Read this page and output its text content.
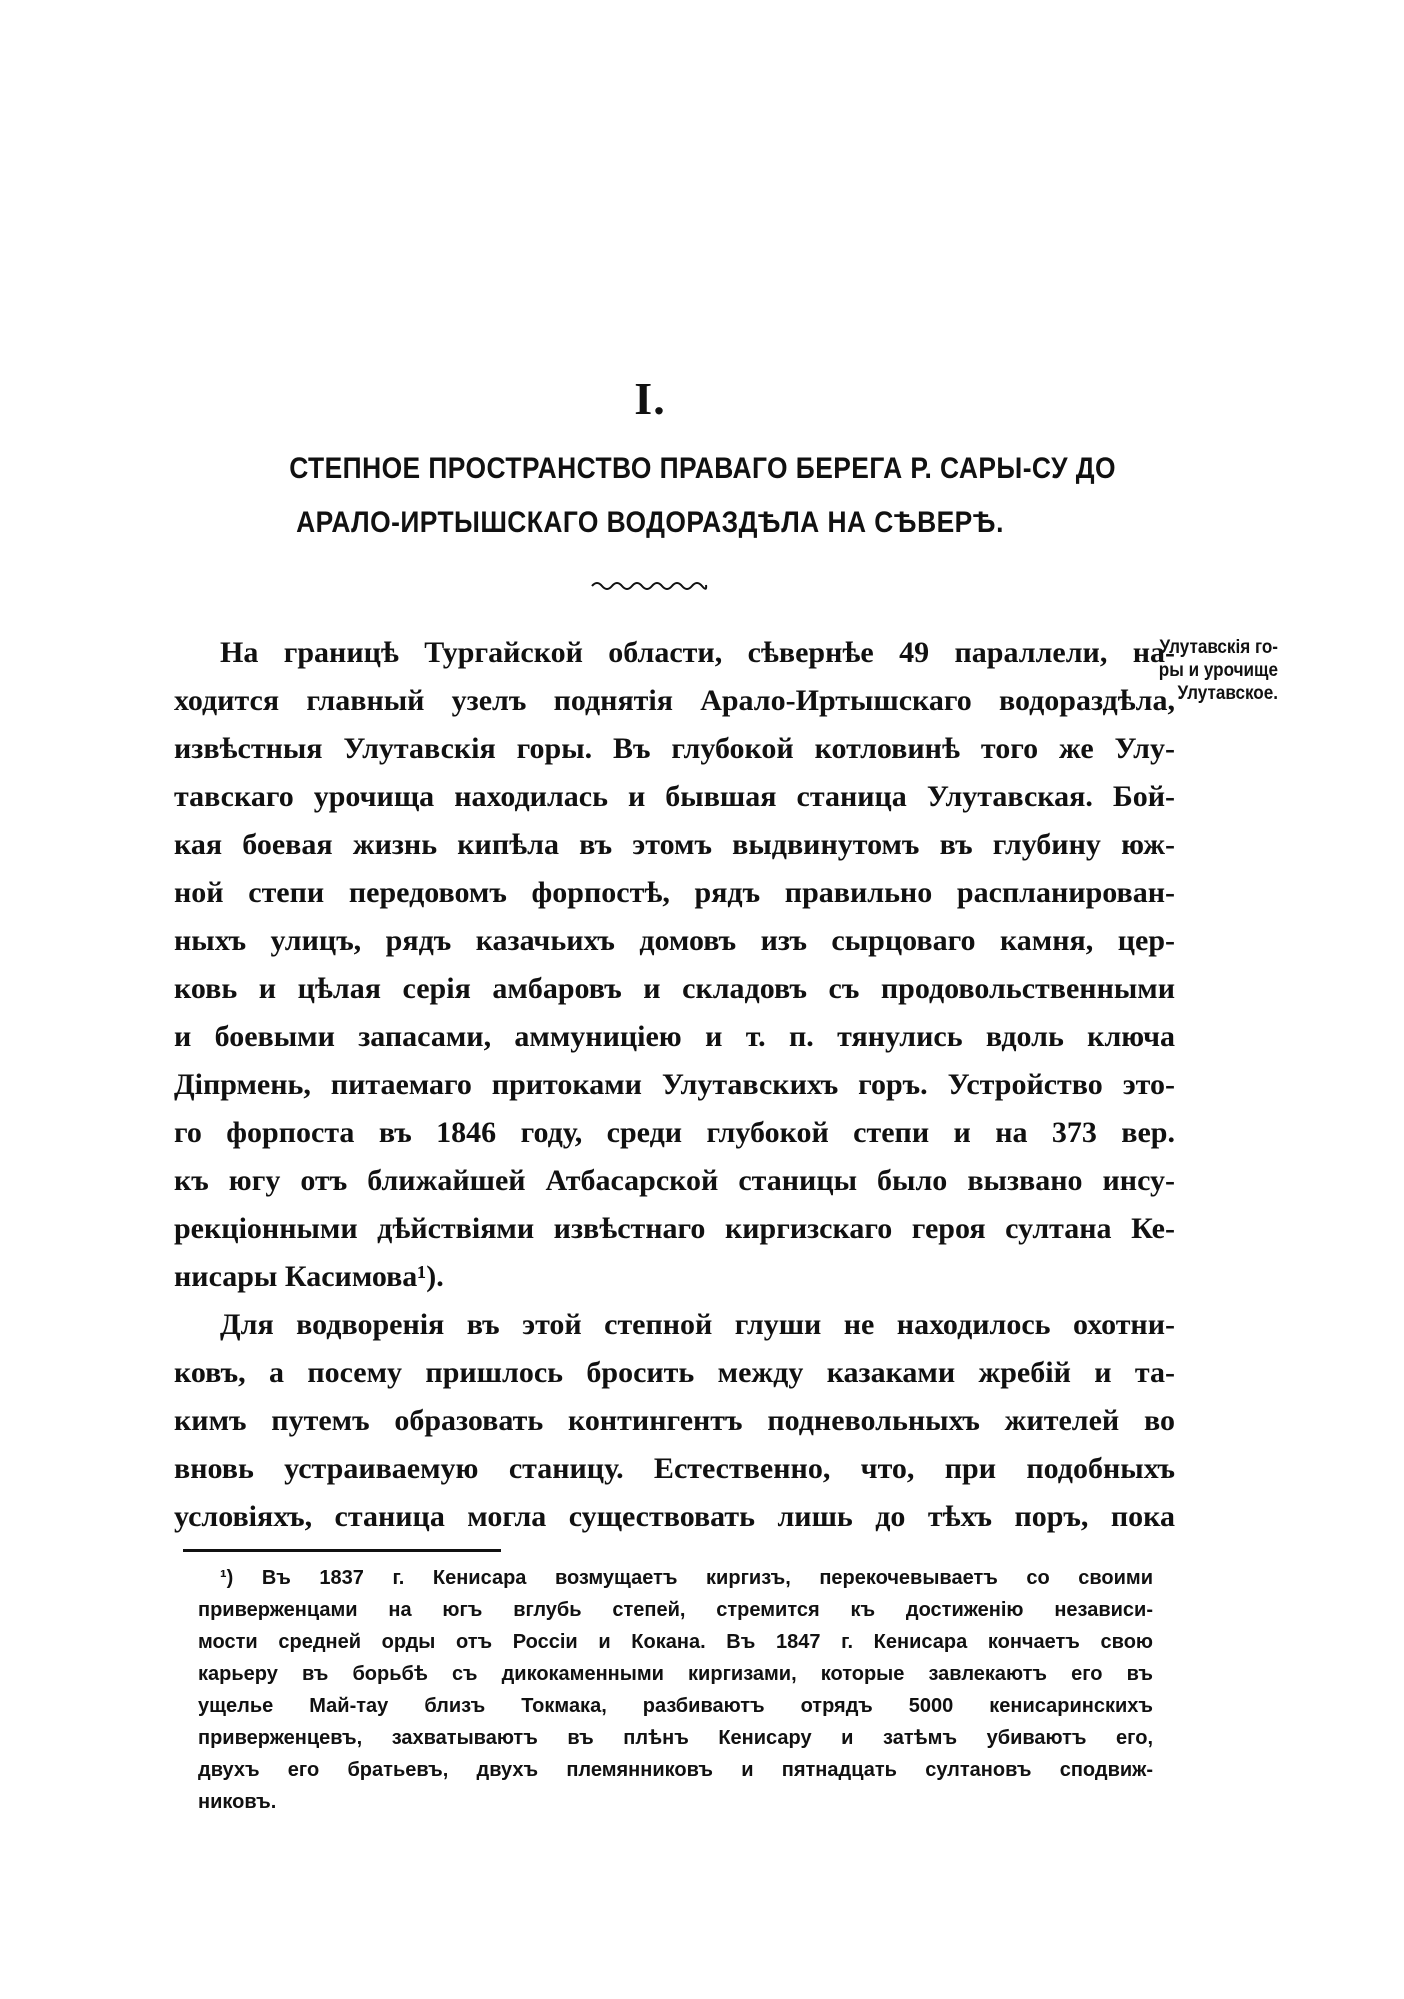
I.
СТЕПНОЕ ПРОСТРАНСТВО ПРАВАГО БЕРЕГА Р. САРЫ-СУ ДО
АРАЛО-ИРТЫШСКАГО ВОДОРАЗДѢЛА НА СѢВЕРѢ.
Улутавскія го-
ры и урочище
Улутавское.
На границѣ Тургайской области, сѣвернѣе 49 параллели, на-
ходится главный узелъ поднятія Арало-Иртышскаго водораздѣла,
извѣстныя Улутавскія горы. Въ глубокой котловинѣ того же Улу-
тавскаго урочища находилась и бывшая станица Улутавская. Бой-
кая боевая жизнь кипѣла въ этомъ выдвинутомъ въ глубину юж-
ной степи передовомъ форпостѣ, рядъ правильно распланирован-
ныхъ улицъ, рядъ казачьихъ домовъ изъ сырцоваго камня, цер-
ковь и цѣлая серія амбаровъ и складовъ съ продовольственными
и боевыми запасами, аммуниціею и т. п. тянулись вдоль ключа
Діпрмень, питаемаго притоками Улутавскихъ горъ. Устройство это-
го форпоста въ 1846 году, среди глубокой степи и на 373 вер.
къ югу отъ ближайшей Атбасарской станицы было вызвано инсу-
рекціонными дѣйствіями извѣстнаго киргизскаго героя султана Ке-
нисары Касимова¹).
Для водворенія въ этой степной глуши не находилось охотни-
ковъ, а посему пришлось бросить между казаками жребій и та-
кимъ путемъ образовать контингентъ подневольныхъ жителей во
вновь устраиваемую станицу. Естественно, что, при подобныхъ
условіяхъ, станица могла существовать лишь до тѣхъ поръ, пока
¹) Въ 1837 г. Кенисара возмущаетъ киргизъ, перекочевываетъ со своими
приверженцами на югъ вглубь степей, стремится къ достиженію независи-
мости средней орды отъ Россіи и Кокана. Въ 1847 г. Кенисара кончаетъ свою
карьеру въ борьбѣ съ дикокаменными киргизами, которые завлекаютъ его въ
ущелье Май-тау близъ Токмака, разбиваютъ отрядъ 5000 кенисаринскихъ
приверженцевъ, захватываютъ въ плѣнъ Кенисару и затѣмъ убиваютъ его,
двухъ его братьевъ, двухъ племянниковъ и пятнадцать султановъ сподвиж-
никовъ.
